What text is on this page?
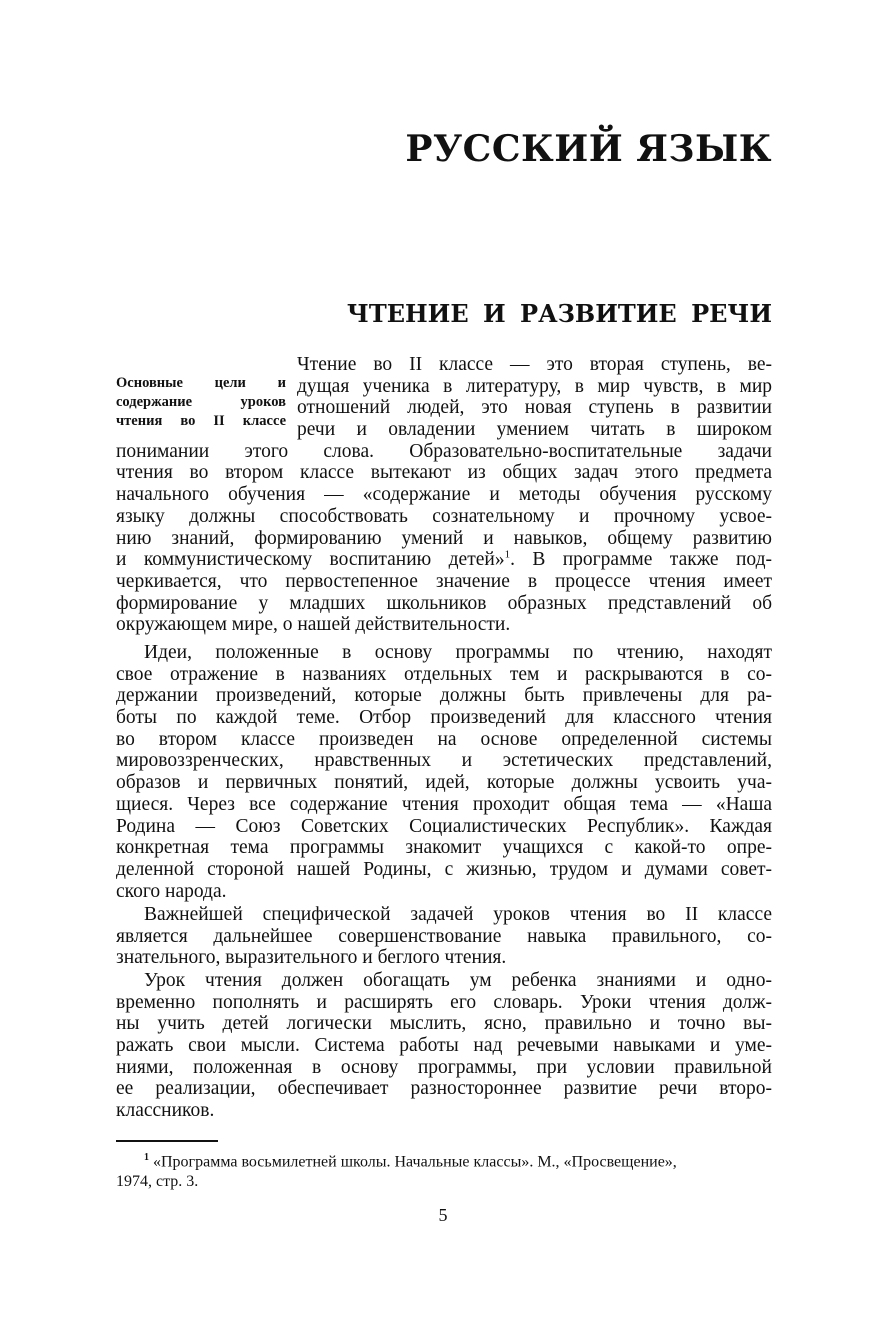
РУССКИЙ ЯЗЫК
ЧТЕНИЕ И РАЗВИТИЕ РЕЧИ
Основные цели и
содержание уроков
чтения во II классе
Чтение во II классе — это вторая ступень, ве-
дущая ученика в литературу, в мир чувств, в мир
отношений людей, это новая ступень в развитии
речи и овладении умением читать в широком
понимании этого слова. Образовательно-воспитательные задачи
чтения во втором классе вытекают из общих задач этого предмета
начального обучения — «содержание и методы обучения русскому
языку должны способствовать сознательному и прочному усвое-
нию знаний, формированию умений и навыков, общему развитию
и коммунистическому воспитанию детей»$^1$. В программе также под-
черкивается, что первостепенное значение в процессе чтения имеет
формирование у младших школьников образных представлений об
окружающем мире, о нашей действительности.
Идеи, положенные в основу программы по чтению, находят
свое отражение в названиях отдельных тем и раскрываются в со-
держании произведений, которые должны быть привлечены для ра-
боты по каждой теме. Отбор произведений для классного чтения
во втором классе произведен на основе определенной системы
мировоззренческих, нравственных и эстетических представлений,
образов и первичных понятий, идей, которые должны усвоить уча-
щиеся. Через все содержание чтения проходит общая тема — «Наша
Родина — Союз Советских Социалистических Республик». Каждая
конкретная тема программы знакомит учащихся с какой-то опре-
деленной стороной нашей Родины, с жизнью, трудом и думами совет-
ского народа.
Важнейшей специфической задачей уроков чтения во II классе
является дальнейшее совершенствование навыка правильного, со-
знательного, выразительного и беглого чтения.
Урок чтения должен обогащать ум ребенка знаниями и одно-
временно пополнять и расширять его словарь. Уроки чтения долж-
ны учить детей логически мыслить, ясно, правильно и точно вы-
ражать свои мысли. Система работы над речевыми навыками и уме-
ниями, положенная в основу программы, при условии правильной
ее реализации, обеспечивает разностороннее развитие речи второ-
классников.
$^1$ «Программа восьмилетней школы. Начальные классы». М., «Просвещение»,
1974, стр. 3.
5
